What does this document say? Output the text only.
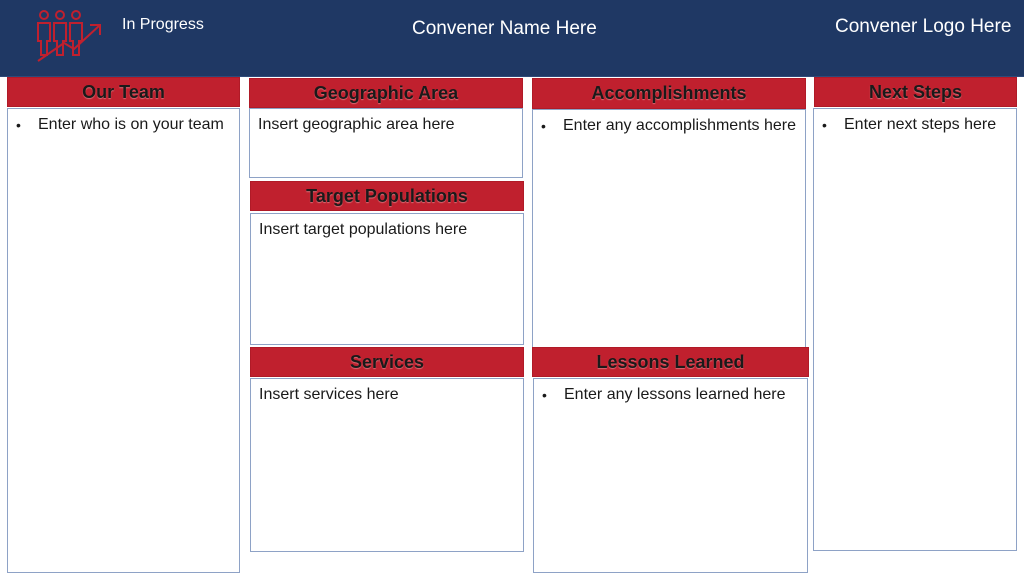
In Progress	Convener Name Here	Convener Logo Here
Our Team
• Enter who is on your team
Geographic Area
Insert geographic area here
Target Populations
Insert target populations here
Services
Insert services here
Accomplishments
• Enter any accomplishments here
Lessons Learned
• Enter any lessons learned here
Next Steps
• Enter next steps here
